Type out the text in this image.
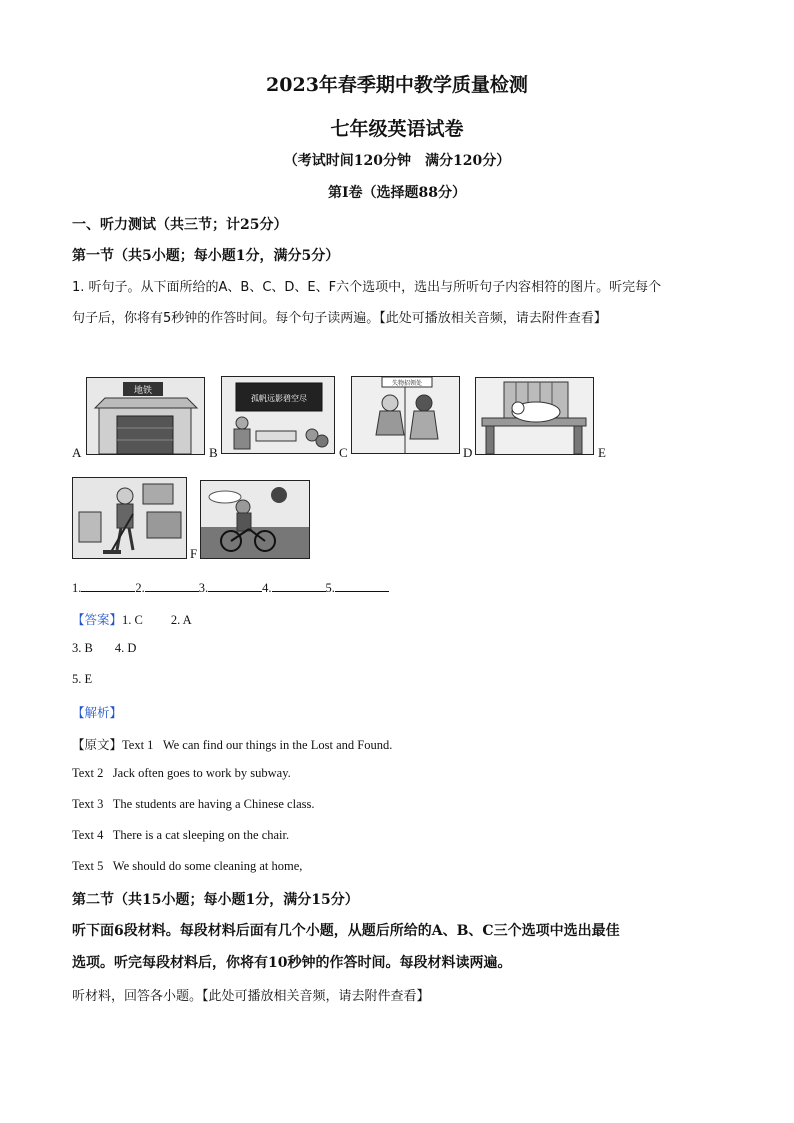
2023年春季期中教学质量检测
七年级英语试卷
（考试时间120分钟　满分120分）
第Ⅰ卷（选择题88分）
一、听力测试（共三节；计25分）
第一节（共5小题；每小题1分，满分5分）
1. 听句子。从下面所给的A、B、C、D、E、F六个选项中，选出与所听句子内容相符的图片。听完每个
句子后，你将有5秒钟的作答时间。每个句子读两遍。【此处可播放相关音频，请去附件查看】
地铁
A
孤帆远影碧空尽
B
失物招领处
C	D	E
F
1.	2.	3.	4.	5.
【答案】1. C 2. A
3. B 4. D
5. E
【解析】
【原文】Text 1 We can find our things in the Lost and Found.
Text 2 Jack often goes to work by subway.
Text 3 The students are having a Chinese class.
Text 4 There is a cat sleeping on the chair.
Text 5 We should do some cleaning at home,
第二节（共15小题；每小题1分，满分15分）
听下面6段材料。每段材料后面有几个小题，从题后所给的A、B、C三个选项中选出最佳
选项。听完每段材料后，你将有10秒钟的作答时间。每段材料读两遍。
听材料，回答各小题。【此处可播放相关音频，请去附件查看】
